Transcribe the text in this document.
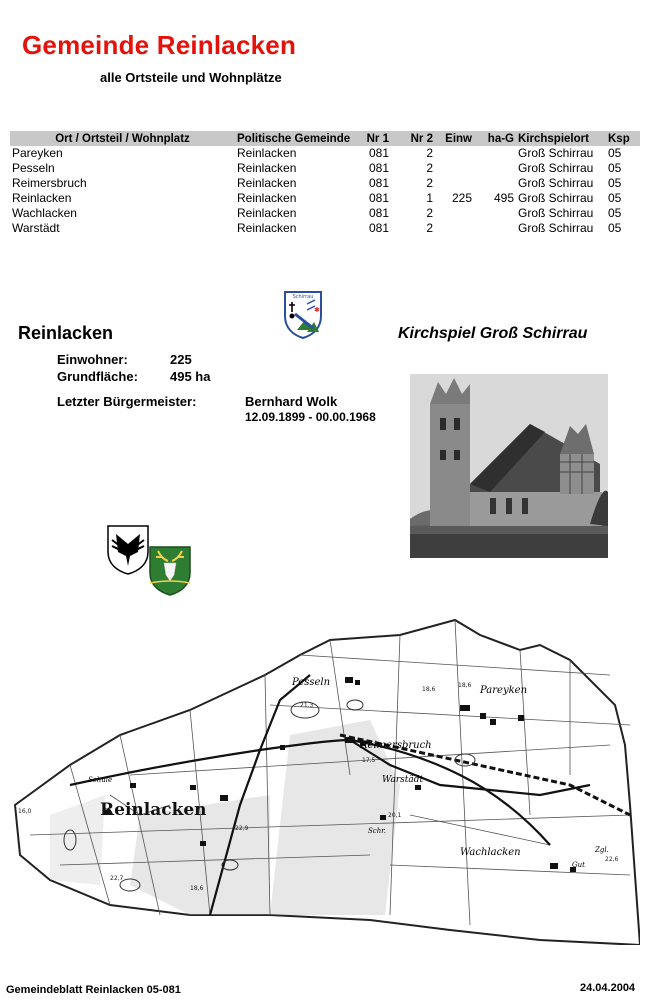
Gemeinde Reinlacken
alle Ortsteile und Wohnplätze
Ort / Ortsteil / Wohnplatz	Politische Gemeinde	Nr 1	Nr 2	Einw	ha-G	Kirchspielort	Ksp
Pareyken	Reinlacken	081	2			Groß Schirrau	05
Pesseln	Reinlacken	081	2			Groß Schirrau	05
Reimersbruch	Reinlacken	081	2			Groß Schirrau	05
Reinlacken	Reinlacken	081	1	225	495	Groß Schirrau	05
Wachlacken	Reinlacken	081	2			Groß Schirrau	05
Warstädt	Reinlacken	081	2			Groß Schirrau	05
Schirrau
✱
Reinlacken	Kirchspiel Groß Schirrau
Einwohner:	225
Grundfläche: 495 ha
Letzter Bürgermeister:	Bernhard Wolk
12.09.1899 - 00.00.1968
Pesseln
Pareyken
Reimersbruch
Warstädt
Reinlacken
Wachlacken
Schule
Schr.
Gut
Zgl.
18,6
18,6
18,6
21,3
22,9
22,7
17,5
20,1
22,6
16,0
Gemeindeblatt Reinlacken 05-081	24.04.2004
